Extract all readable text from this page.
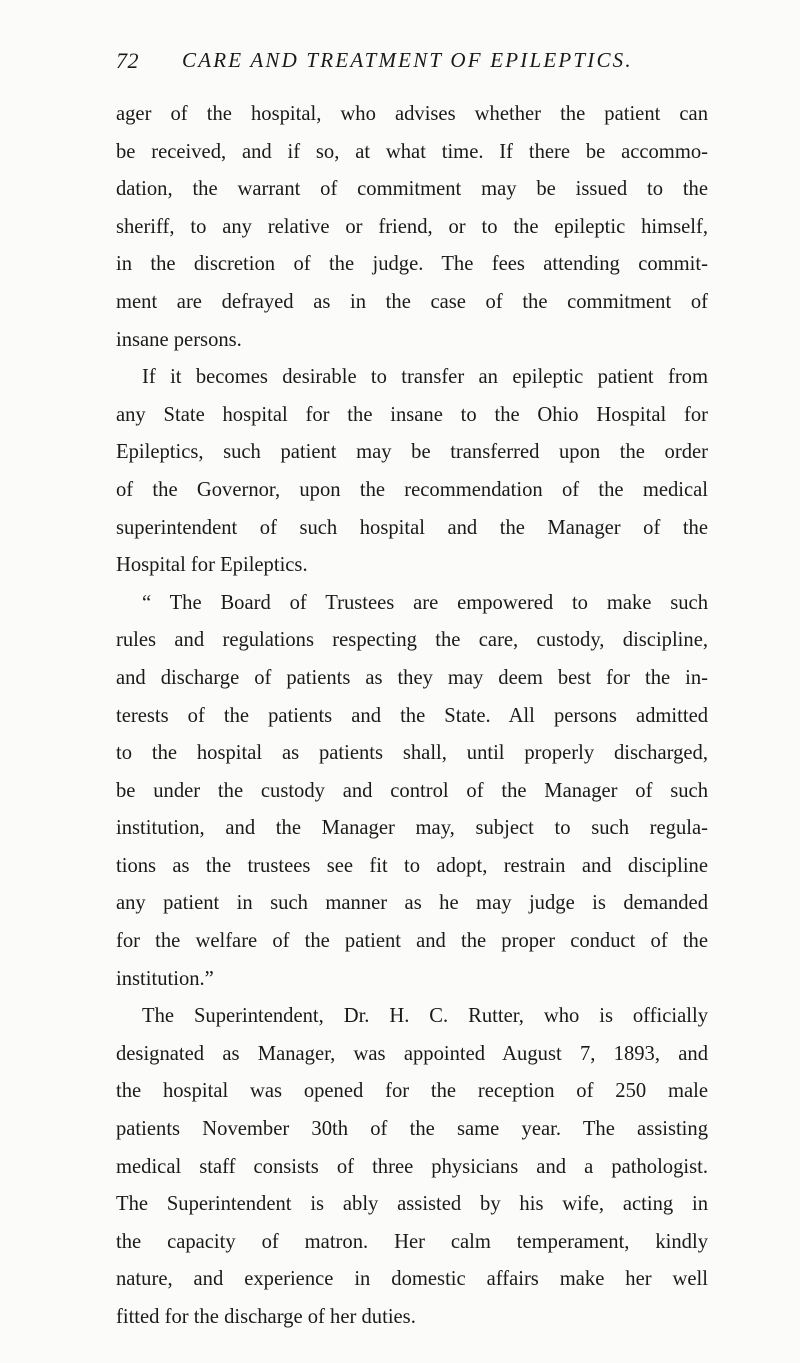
72 CARE AND TREATMENT OF EPILEPTICS.
ager of the hospital, who advises whether the patient can
be received, and if so, at what time. If there be accommo-
dation, the warrant of commitment may be issued to the
sheriff, to any relative or friend, or to the epileptic himself,
in the discretion of the judge. The fees attending commit-
ment are defrayed as in the case of the commitment of
insane persons.
If it becomes desirable to transfer an epileptic patient from
any State hospital for the insane to the Ohio Hospital for
Epileptics, such patient may be transferred upon the order
of the Governor, upon the recommendation of the medical
superintendent of such hospital and the Manager of the
Hospital for Epileptics.
“ The Board of Trustees are empowered to make such
rules and regulations respecting the care, custody, discipline,
and discharge of patients as they may deem best for the in-
terests of the patients and the State. All persons admitted
to the hospital as patients shall, until properly discharged,
be under the custody and control of the Manager of such
institution, and the Manager may, subject to such regula-
tions as the trustees see fit to adopt, restrain and discipline
any patient in such manner as he may judge is demanded
for the welfare of the patient and the proper conduct of the
institution.”
The Superintendent, Dr. H. C. Rutter, who is officially
designated as Manager, was appointed August 7, 1893, and
the hospital was opened for the reception of 250 male
patients November 30th of the same year. The assisting
medical staff consists of three physicians and a pathologist.
The Superintendent is ably assisted by his wife, acting in
the capacity of matron. Her calm temperament, kindly
nature, and experience in domestic affairs make her well
fitted for the discharge of her duties.
